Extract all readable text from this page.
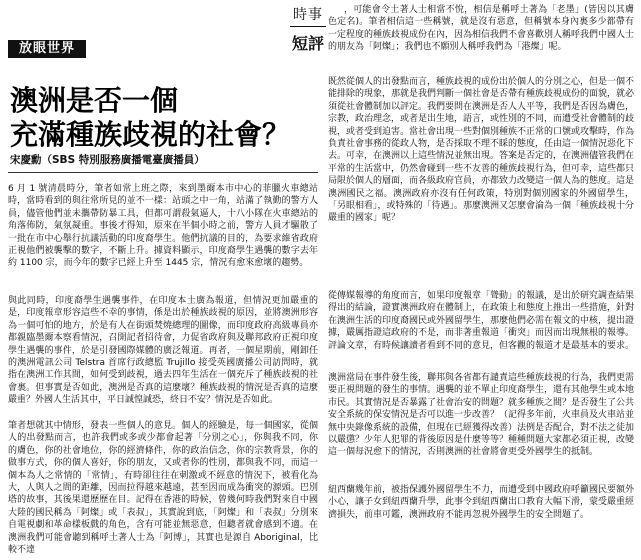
放眼世界
時事
短評
澳洲是否一個
充滿種族歧視的社會？
宋慶勳（SBS 特別服務廣播電臺廣播員）

6 月 1 號清晨時分，筆者如常上班之際，來到墨爾本市中心的菲臘火車總站時，當時看到的與往常所見的並不一樣：站頭之中一角，站滿了執勤的警方人員，儘管他們並未攜帶防暴工具，但都可謂殺氣逼人，十八小隊在火車總站的角落佈防，氣氛凝重。事後才得知，原來在半個小時之前，警方人員才驅散了一批在市中心舉行抗議活動的印度裔學生。他們抗議的目的，為要求維省政府正視他們被襲擊的數字，不斷上升。據資料顯示，印度裔學生遇襲的數字去年約 1100 宗，而今年的數字已經上升至 1445 宗，情況有愈來愈壞的趨勢。

與此同時，印度裔學生遇襲事件，在印度本土廣為報道，但情況更加嚴重的是，印度報章形容這些不幸的事情，係是出於種族歧視的原因，並將澳洲形容為一個可怕的地方，於是有人在街頭焚燒總理的圖像，而印度政府高級專員亦都親臨墨爾本察看情況，召開記者招待會，力促省政府與及聯邦政府正視印度學生遇襲的事件，於是引發國際媒體的廣泛報道。再者，一個星期前，剛卸任的澳洲電訊公司 Telstra 首席行政總監 Trujillo 接受英國廣播公司訪問時，就指在澳洲工作其間，如何受到歧視，過去四年生活在一個充斥了種族歧視的社會裏。但事實是否如此，澳洲是否真的這麼壞？種族歧視的情況是否真的這麼嚴重？外國人生活其中，平日誠惶誠恐，終日不安？情況是否如此。

筆者想就其中情形，發表一些個人的意見。個人的經驗是，每一個國家，從個人的出發點而言，也許我們或多或少都會起著「分別之心」，你與我不同，你的膚色，你的社會地位，你的經濟條件，你的政治信念，你的宗教背景，你的做事方式，你的個人喜好，你的朋友，又或者你的性別，都與我不同，而這一個本為人之常情的「常情」，有時卻往往在刺激或不經意的情況下，被看化為大，人與人之間的距離，因而拉得越來越遠，甚至因而成為衝突的源頭。巴別塔的故事，其後果還歷歷在目。記得在香港的時候，曾幾何時我們對來自中國大陸的國民稱為「阿燦」或「表叔」，其實說到底，「阿燦」和「表叔」分別來自電視劇和革命樣板戲的角色，含有可能並無惡意，但聽者就會感到不適。在澳洲我們可能會聽到稱呼土著人士為「阿博」，其實也是源自 Aboriginal，比較不達

，可能會令土著人士相當不悅，相信是稱呼土著為「老墨」(皆因以其膚色定名)。筆者相信這一些稱號，就是沒有惡意，但稱號本身內裏多少都帶有一定程度的種族歧視成份在內，因為相信我們不會喜歡別人稱呼我們中國人士的朋友為「阿燦」；我們也不願別人稱呼我們為「港燦」呢。

既然從個人的出發點而言，種族歧視的成份出於個人的分別之心，但是一個不能排除的現象，那就是我們判斷一個社會是否帶有種族歧視成份的面貌，就必須從社會體制加以評定。我們要問在澳洲是否人人平等，我們是否因為膚色，宗教，政治理念，或者是出生地，語言，或性別的不同，而遭受社會體制的歧視，或者受到迫害。當社會出現一些對個別種族不正常的口號或攻擊時，作為負責社會事務的從政人物，是否採取不理不睬的態度，任由這一個情況惡化下去。可幸，在澳洲以上這些情況並無出現。答案是否定的，在澳洲儘管我們在平常的生活當中，仍然會碰到一些不友善的種族歧視行為，但可幸，這些都只局限於個人的層面，而各級政府官員，亦都致力改變這一個人為的態度。這是澳洲國民之福。澳洲政府亦沒有任何政策，特別對個別國家的外國留學生，「另眼相看」，或特殊的「待遇」。那麼澳洲又怎麼會淪為一個「種族歧視十分嚴重的國家」呢？

從傳媒報導的角度而言，如果印度報章「聳動」的報議，是出於研究調查結果得出的結論，證實澳洲政府在體制上，在政策上和態度上推出一些措施，針對在澳洲生活的印度裔國民或外國留學生，那麼他們必需在報文的中核，提出證據，嚴厲指證這政府的不是，而非著重報道「衝突」而因而出現無根的報導。評論文章，有時候讓讀者看到不同的意見，但客觀的報道才是最基本的要求。

澳洲當局在事件發生後，聯邦與各省都有譴責這些種族歧視的行為，我們更需要正視問題的發生的事情。遇襲的並不單止印度裔學生，還有其他學生或本地市民。其實情況是否暴露了社會治安的問題？就多種族之間？是否發生了公共安全系統的保安情況是否可以進一步改善？（記得多年前，火車員及火車站並無中央錄像系統的設備，但現在已經獲得改善）法例是否配合，對不法之徒加以嚴懲？少年人犯罪的背後原因是什麼等等？種種問題大家都必須正視，改變這一個每況愈下的情況，否則澳洲的社會將會更受外國學生的抵制。

紐西蘭幾年前，被指保護外國留學生不力，而遭受到中國政府呼籲國民要額外小心，讓子女到紐西蘭升學，此事令到紐西蘭出口教育大幅下滑，蒙受嚴重經濟損失，前車可鑑，澳洲政府不能再忽視外國學生的安全問題了。
